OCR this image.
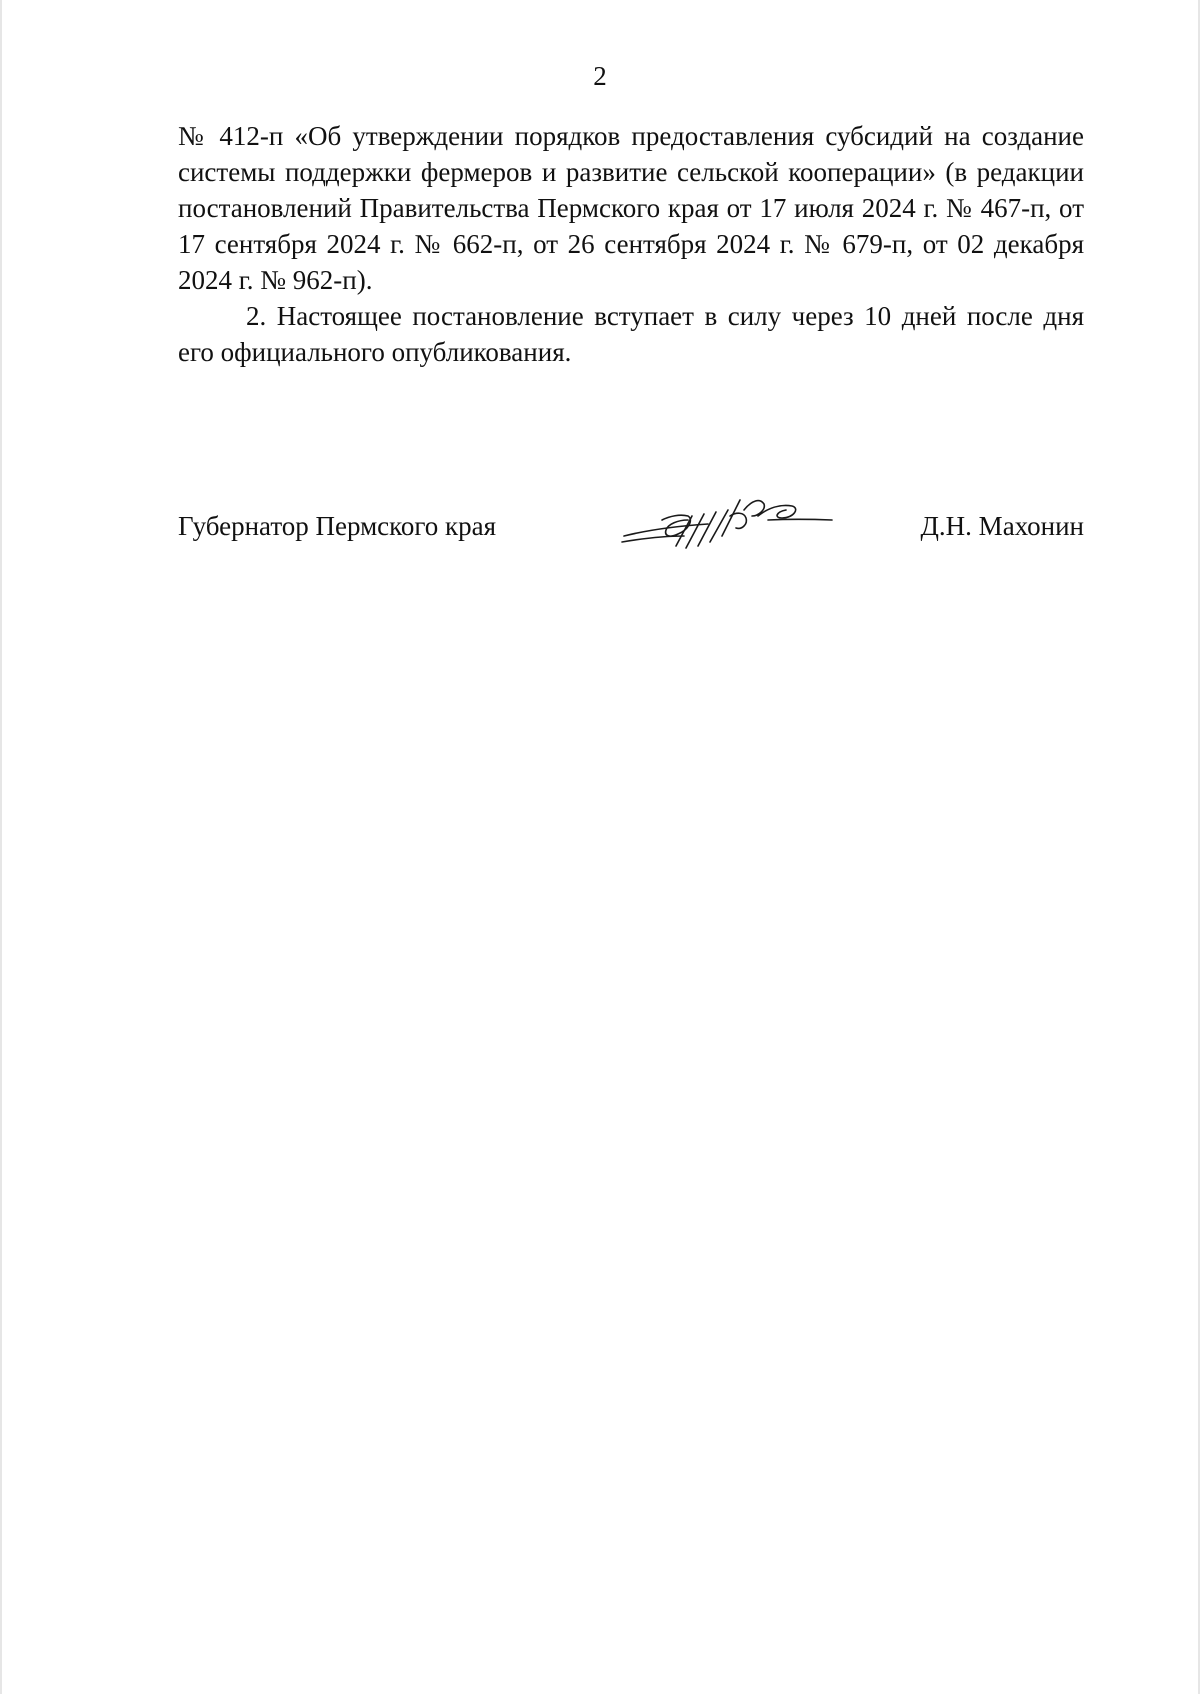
2

№ 412-п «Об утверждении порядков предоставления субсидий на создание системы поддержки фермеров и развитие сельской кооперации» (в редакции постановлений Правительства Пермского края от 17 июля 2024 г. № 467-п, от 17 сентября 2024 г. № 662-п, от 26 сентября 2024 г. № 679-п, от 02 декабря 2024 г. № 962-п).

2. Настоящее постановление вступает в силу через 10 дней после дня его официального опубликования.

Губернатор Пермского края	Д.Н. Махонин
